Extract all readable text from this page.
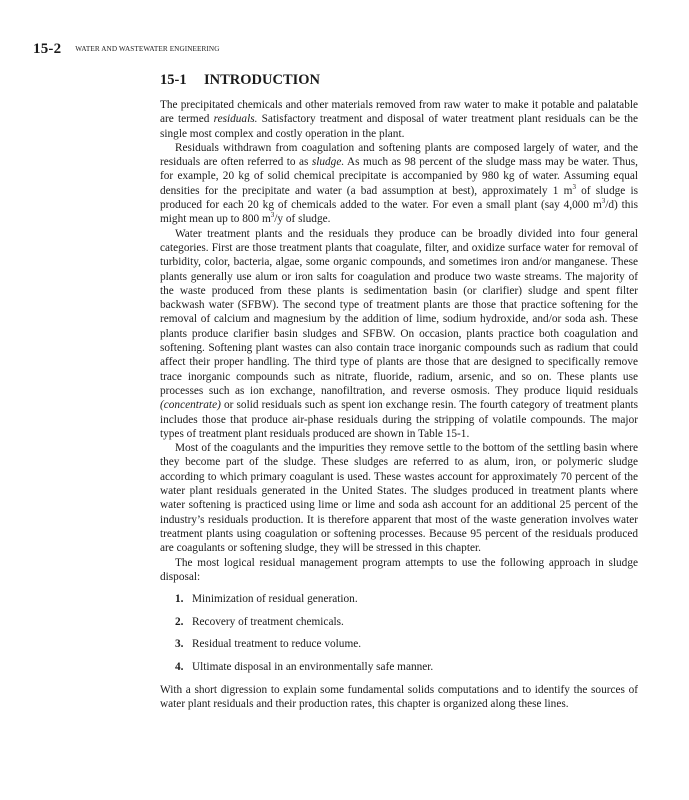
15-2 WATER AND WASTEWATER ENGINEERING
15-1 INTRODUCTION

The precipitated chemicals and other materials removed from raw water to make it potable and palatable are termed residuals. Satisfactory treatment and disposal of water treatment plant residuals can be the single most complex and costly operation in the plant.

Residuals withdrawn from coagulation and softening plants are composed largely of water, and the residuals are often referred to as sludge. As much as 98 percent of the sludge mass may be water. Thus, for example, 20 kg of solid chemical precipitate is accompanied by 980 kg of water. Assuming equal densities for the precipitate and water (a bad assumption at best), approximately 1 $m^3$ of sludge is produced for each 20 kg of chemicals added to the water. For even a small plant (say 4,000 $m^3/d$) this might mean up to 800 $m^3/y$ of sludge.

Water treatment plants and the residuals they produce can be broadly divided into four general categories. First are those treatment plants that coagulate, filter, and oxidize surface water for removal of turbidity, color, bacteria, algae, some organic compounds, and sometimes iron and/or manganese. These plants generally use alum or iron salts for coagulation and produce two waste streams. The majority of the waste produced from these plants is sedimentation basin (or clarifier) sludge and spent filter backwash water (SFBW). The second type of treatment plants are those that practice softening for the removal of calcium and magnesium by the addition of lime, sodium hydroxide, and/or soda ash. These plants produce clarifier basin sludges and SFBW. On occasion, plants practice both coagulation and softening. Softening plant wastes can also contain trace inorganic compounds such as radium that could affect their proper handling. The third type of plants are those that are designed to specifically remove trace inorganic compounds such as nitrate, fluoride, radium, arsenic, and so on. These plants use processes such as ion exchange, nanofiltration, and reverse osmosis. They produce liquid residuals (concentrate) or solid residuals such as spent ion exchange resin. The fourth category of treatment plants includes those that produce air-phase residuals during the stripping of volatile compounds. The major types of treatment plant residuals produced are shown in Table 15-1.

Most of the coagulants and the impurities they remove settle to the bottom of the settling basin where they become part of the sludge. These sludges are referred to as alum, iron, or polymeric sludge according to which primary coagulant is used. These wastes account for approximately 70 percent of the water plant residuals generated in the United States. The sludges produced in treatment plants where water softening is practiced using lime or lime and soda ash account for an additional 25 percent of the industry’s residuals production. It is therefore apparent that most of the waste generation involves water treatment plants using coagulation or softening processes. Because 95 percent of the residuals produced are coagulants or softening sludge, they will be stressed in this chapter.

The most logical residual management program attempts to use the following approach in sludge disposal:

1. Minimization of residual generation.
2. Recovery of treatment chemicals.
3. Residual treatment to reduce volume.
4. Ultimate disposal in an environmentally safe manner.

With a short digression to explain some fundamental solids computations and to identify the sources of water plant residuals and their production rates, this chapter is organized along these lines.
